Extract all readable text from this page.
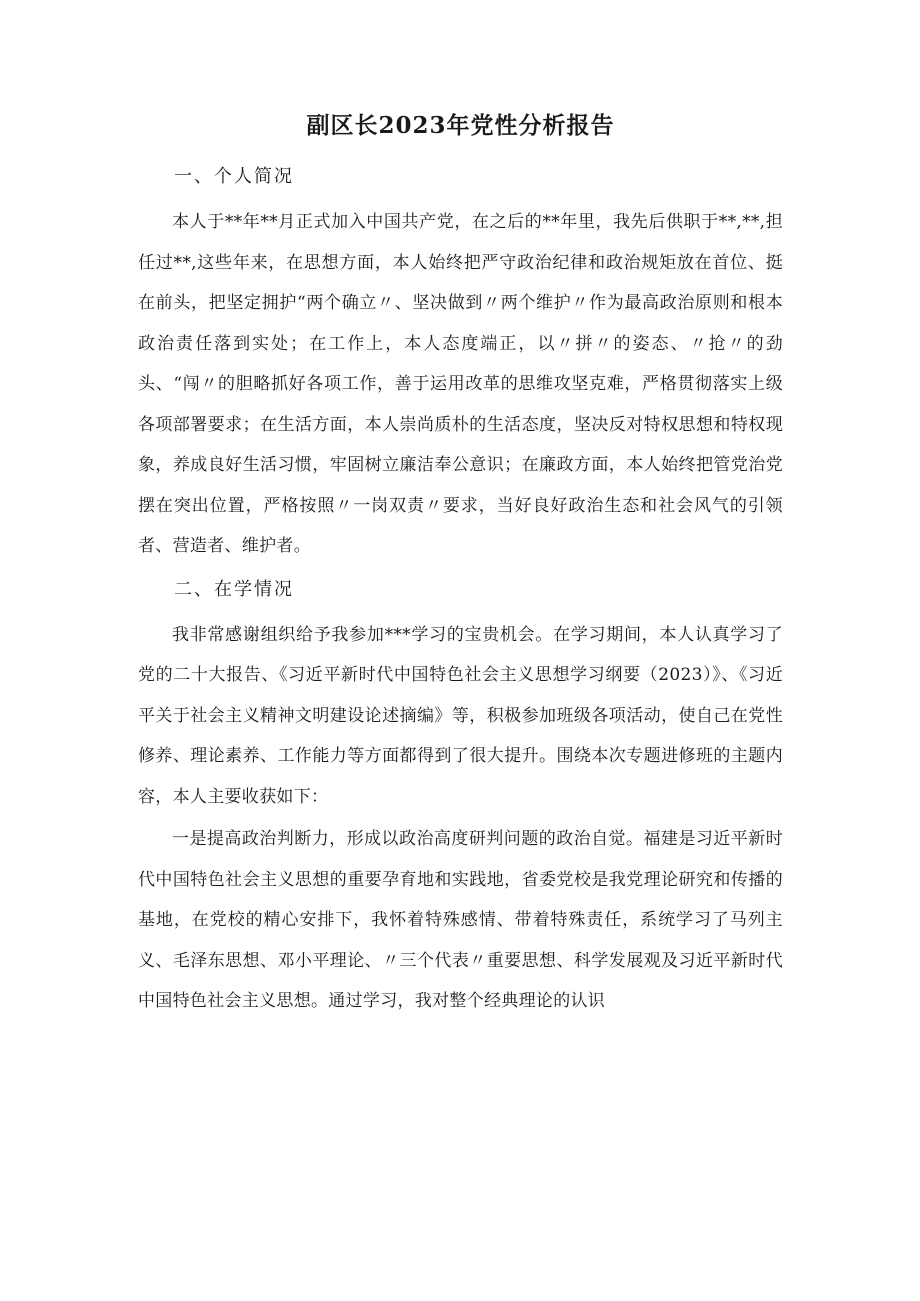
副区长2023年党性分析报告
一、个人简况

本人于**年**月正式加入中国共产党，在之后的**年里，我先后供职于**,**,担任过**,这些年来，在思想方面，本人始终把严守政治纪律和政治规矩放在首位、挺在前头，把坚定拥护“两个确立〃、坚决做到〃两个维护〃作为最高政治原则和根本政治责任落到实处；在工作上，本人态度端正，以〃拼〃的姿态、〃抢〃的劲头、“闯〃的胆略抓好各项工作，善于运用改革的思维攻坚克难，严格贯彻落实上级各项部署要求；在生活方面，本人崇尚质朴的生活态度，坚决反对特权思想和特权现象，养成良好生活习惯，牢固树立廉洁奉公意识；在廉政方面，本人始终把管党治党摆在突出位置，严格按照〃一岗双责〃要求，当好良好政治生态和社会风气的引领者、营造者、维护者。

二、在学情况

我非常感谢组织给予我参加***学习的宝贵机会。在学习期间，本人认真学习了党的二十大报告、《习近平新时代中国特色社会主义思想学习纲要（2023）》、《习近平关于社会主义精神文明建设论述摘编》等，积极参加班级各项活动，使自己在党性修养、理论素养、工作能力等方面都得到了很大提升。围绕本次专题进修班的主题内容，本人主要收获如下：

一是提高政治判断力，形成以政治高度研判问题的政治自觉。福建是习近平新时代中国特色社会主义思想的重要孕育地和实践地，省委党校是我党理论研究和传播的基地，在党校的精心安排下，我怀着特殊感情、带着特殊责任，系统学习了马列主义、毛泽东思想、邓小平理论、〃三个代表〃重要思想、科学发展观及习近平新时代中国特色社会主义思想。通过学习，我对整个经典理论的认识
